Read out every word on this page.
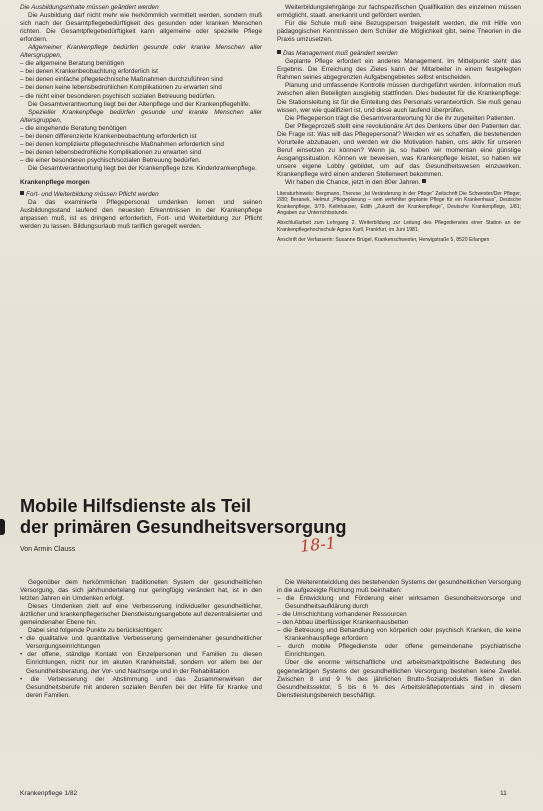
Die Ausbildungsinhalte müssen geändert werden

Die Ausbildung darf nicht mehr wie herkömmlich vermittelt werden, sondern muß sich nach der Gesamtpflegebedürftigkeit des gesunden oder kranken Menschen richten. Die Gesamtpflegebedürftigkeit kann allgemeine oder spezielle Pflege erfordern.

Allgemeiner Krankenpflege bedürfen gesunde oder kranke Menschen aller Altersgruppen,

– die allgemeine Beratung benötigen

– bei denen Krankenbeobachtung erforderlich ist

– bei denen einfache pflegetechnische Maßnahmen durchzuführen sind

– bei denen keine lebensbedrohlichen Komplikationen zu erwarten sind

– die nicht einer besonderen psychisch sozialen Betreuung bedürfen.

Die Gesamtverantwortung liegt bei der Altenpflege und der Krankenpflegehilfe.

Spezieller Krankenpflege bedürfen gesunde und kranke Menschen aller Altersgruppen,

– die eingehende Beratung benötigen

– bei denen differenzierte Krankenbeobachtung erforderlich ist

– bei denen komplizierte pflegetechnische Maßnahmen erforderlich sind

– bei denen lebensbedrohliche Komplikationen zu erwarten sind

– die einer besonderen psychisch/sozialen Betreuung bedürfen.

Die Gesamtverantwortung liegt bei der Krankenpflege bzw. Kinderkrankenpflege.

Krankenpflege morgen

Fort- und Weiterbildung müssen Pflicht werden

Da das examinierte Pflegepersonal umdenken lernen und seinen Ausbildungsstand laufend den neuesten Erkenntnissen in der Krankenpflege anpassen muß, ist es dringend erforderlich, Fort- und Weiterbildung zur Pflicht werden zu lassen. Bildungsurlaub muß tariflich geregelt werden.

Weiterbildungslehrgänge zur fachspezifischen Qualifikation des einzelnen müssen ermöglicht, staatl. anerkannt und gefördert werden.

Für die Schule muß eine Bezugsperson freigestellt werden, die mit Hilfe von pädagogischen Kenntnissen dem Schüler die Möglichkeit gibt, seine Theorien in die Praxis umzusetzen.

Das Management muß geändert werden

Geplante Pflege erfordert ein anderes Management. Im Mittelpunkt steht das Ergebnis. Die Erreichung des Zieles kann der Mitarbeiter in einem festgelegten Rahmen seines abgegrenzten Aufgabengebietes selbst entscheiden.

Planung und umfassende Kontrolle müssen durchgeführt werden. Information muß zwischen allen Beteiligten ausgiebig stattfinden. Dies bedeutet für die Krankenpflege: Die Stationsleitung ist für die Einteilung des Personals verantwortlich. Sie muß genau wissen, wer wie qualifiziert ist, und diese auch laufend überprüfen.

Die Pflegeperson trägt die Gesamtverantwortung für die ihr zugeteilten Patienten.

Der Pflegeprozeß stellt eine revolutionäre Art des Denkens über den Patienten dar. Die Frage ist: Was will das Pflegepersonal? Werden wir es schaffen, die bestehenden Vorurteile abzubauen, und werden wir die Motivation haben, uns aktiv für unseren Beruf einsetzen zu können? Wenn ja, so haben wir momentan eine günstige Ausgangssituation. Können wir beweisen, was Krankenpflege leistet, so haben wir unsere eigene Lobby gebildet, um auf das Gesundheitswesen einzuwirken. Krankenpflege wird einen anderen Stellenwert bekommen.

Wir haben die Chance, jetzt in den 80er Jahren.

Literaturhinweis: Bergmann, Therese „Ist Veränderung in der Pflege“ Zeitschrift Die Schwester/Der Pfleger, 2/80; Beranek, Helmut „Pflegeplanung – sein verfehlter geplante Pflege für ein Krankenhaus“, Deutsche Krankenpflege, 3/79, Kellnhauser, Edith „Zukunft der Krankenpflege“, Deutsche Krankenpflege, 1/81; Angaben zur Unterrichtsstunde.

Abschlußarbeit zum Lehrgang 2. Weiterbildung zur Leitung des Pflegedienstes einer Station an der Krankenpflegehochschule Agnes Karll, Frankfurt, im Juni 1981.

Anschrift der Verfasserin: Susanne Brügel, Krankenschwester, Herwigstraße 5, 8520 Erlangen

Mobile Hilfsdienste als Teil
der primären Gesundheitsversorgung
Von Armin Clauss	18-1

Gegenüber dem herkömmlichen traditionellen System der gesundheitlichen Versorgung, das sich jahrhundertelang nur geringfügig verändert hat, ist in den letzten Jahren ein Umdenken erfolgt.

Dieses Umdenken zielt auf eine Verbesserung individueller gesundheitlicher, ärztlicher und krankenpflegerischer Dienstleistungsangebote auf dezentralisierter und gemeindenaher Ebene hin.

Dabei sind folgende Punkte zu berücksichtigen:

• die qualitative und quantitative Verbesserung gemeindenaher gesundheitlicher Versorgungseinrichtungen

• der offene, ständige Kontakt von Einzelpersonen und Familien zu diesen Einrichtungen, nicht nur im akuten Krankheitsfall, sondern vor allem bei der Gesundheitsberatung, der Vor- und Nachsorge und in der Rehabilitation

• die Verbesserung der Abstimmung und das Zusammenwirken der Gesundheitsberufe mit anderen sozialen Berufen bei der Hilfe für Kranke und deren Familien.

Die Weiterentwicklung des bestehenden Systems der gesundheitlichen Versorgung in die aufgezeigte Richtung muß beinhalten:

– die Entwicklung und Förderung einer wirksamen Gesundheitsvorsorge und Gesundheitsaufklärung durch

– die Umschichtung vorhandener Ressourcen

– den Abbau überflüssiger Krankenhausbetten

– die Betreuung und Behandlung von körperlich oder psychisch Kranken, die keine Krankenhauspflege erfordern

– durch mobile Pflegedienste oder offene gemeindenahe psychiatrische Einrichtungen.

Über die enorme wirtschaftliche und arbeitsmarktpolitische Bedeutung des gegenwärtigen Systems der gesundheitlichen Versorgung bestehen keine Zweifel. Zwischen 8 und 9 % des jährlichen Brutto-Sozialprodukts fließen in den Gesundheitssektor, 5 bis 6 % des Arbeitskräftepotentials sind in diesem Dienstleistungsbereich beschäftigt.

Krankenpflege 1/82	11
